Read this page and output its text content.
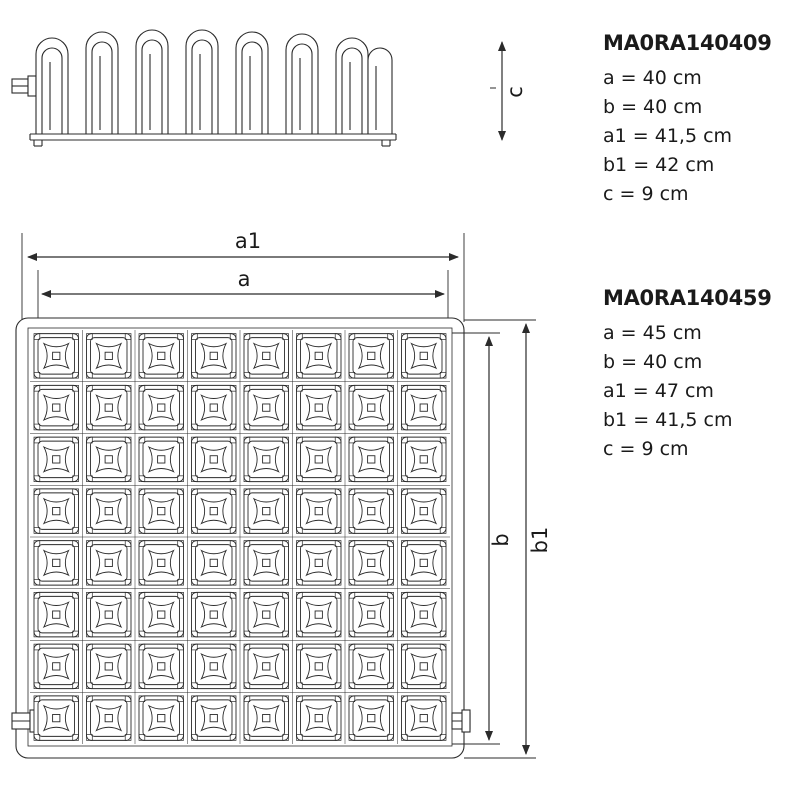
c
a1
a
b b1
MA0RA140409
a = 40 cm
b = 40 cm
a1 = 41,5 cm
b1 = 42 cm
c = 9 cm
MA0RA140459
a = 45 cm
b = 40 cm
a1 = 47 cm
b1 = 41,5 cm
c = 9 cm
